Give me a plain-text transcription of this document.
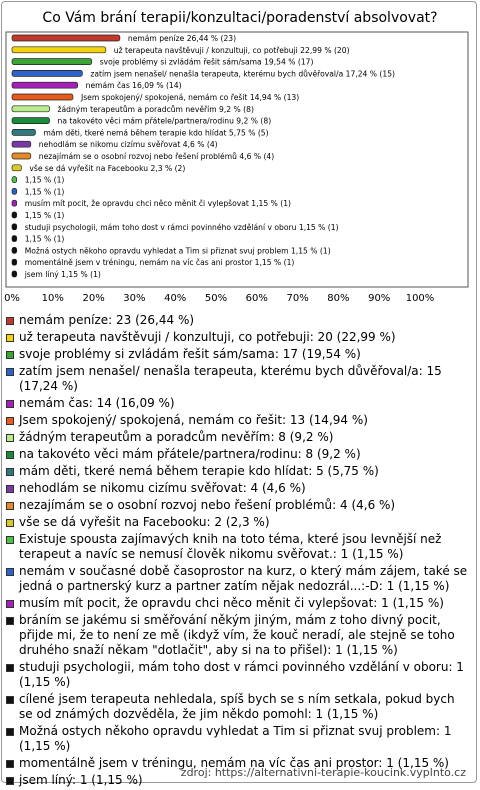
Co Vám brání terapii/konzultaci/poradenství absolvovat?
nemám peníze 26,44 % (23)
už terapeuta navštěvuji / konzultuji, co potřebuji 22,99 % (20)
svoje problémy si zvládám řešit sám/sama 19,54 % (17)
zatím jsem nenašel/ nenašla terapeuta, kterému bych důvěřoval/a 17,24 % (15)
nemám čas 16,09 % (14)
Jsem spokojený/ spokojená, nemám co řešit 14,94 % (13)
žádným terapeutům a poradcům nevěřím 9,2 % (8)
na takovéto věci mám přátele/partnera/rodinu 9,2 % (8)
mám děti, tkeré nemá během terapie kdo hlídat 5,75 % (5)
nehodlám se nikomu cizímu svěřovat 4,6 % (4)
nezajímám se o osobní rozvoj nebo řešení problémů 4,6 % (4)
vše se dá vyřešit na Facebooku 2,3 % (2)
1,15 % (1)
1,15 % (1)
musím mít pocit, že opravdu chci něco měnit či vylepšovat 1,15 % (1)
1,15 % (1)
studuji psychologii, mám toho dost v rámci povinného vzdělání v oboru 1,15 % (1)
1,15 % (1)
Možná ostych někoho opravdu vyhledat a Tim si přiznat svuj problem 1,15 % (1)
momentálně jsem v tréningu, nemám na víc čas ani prostor 1,15 % (1)
jsem líný 1,15 % (1)
0% 10% 20% 30% 40% 50% 60% 70% 80% 90% 100%
nemám peníze: 23 (26,44 %)
už terapeuta navštěvuji / konzultuji, co potřebuji: 20 (22,99 %)
svoje problémy si zvládám řešit sám/sama: 17 (19,54 %)
zatím jsem nenašel/ nenašla terapeuta, kterému bych důvěřoval/a: 15 (17,24 %)
nemám čas: 14 (16,09 %)
Jsem spokojený/ spokojená, nemám co řešit: 13 (14,94 %)
žádným terapeutům a poradcům nevěřím: 8 (9,2 %)
na takovéto věci mám přátele/partnera/rodinu: 8 (9,2 %)
mám děti, tkeré nemá během terapie kdo hlídat: 5 (5,75 %)
nehodlám se nikomu cizímu svěřovat: 4 (4,6 %)
nezajímám se o osobní rozvoj nebo řešení problémů: 4 (4,6 %)
vše se dá vyřešit na Facebooku: 2 (2,3 %)
Existuje spousta zajímavých knih na toto téma, které jsou levnější než terapeut a navíc se nemusí člověk nikomu svěřovat.: 1 (1,15 %)
nemám v současné době časoprostor na kurz, o který mám zájem, také se jedná o partnerský kurz a partner zatím nějak nedozrál...:-D: 1 (1,15 %)
musím mít pocit, že opravdu chci něco měnit či vylepšovat: 1 (1,15 %)
bráním se jakému si směřování někým jiným, mám z toho divný pocit, přijde mi, že to není ze mě (ikdyž vím, že kouč neradí, ale stejně se toho druhého snaží někam "dotlačit", aby si na to přišel): 1 (1,15 %)
studuji psychologii, mám toho dost v rámci povinného vzdělání v oboru: 1 (1,15 %)
cílené jsem terapeuta nehledala, spíš bych se s ním setkala, pokud bych se od známých dozvěděla, že jim někdo pomohl: 1 (1,15 %)
Možná ostych někoho opravdu vyhledat a Tim si přiznat svuj problem: 1 (1,15 %)
momentálně jsem v tréningu, nemám na víc čas ani prostor: 1 (1,15 %)
jsem líný: 1 (1,15 %)
zdroj: https://alternativni-terapie-koucink.vyplnto.cz
